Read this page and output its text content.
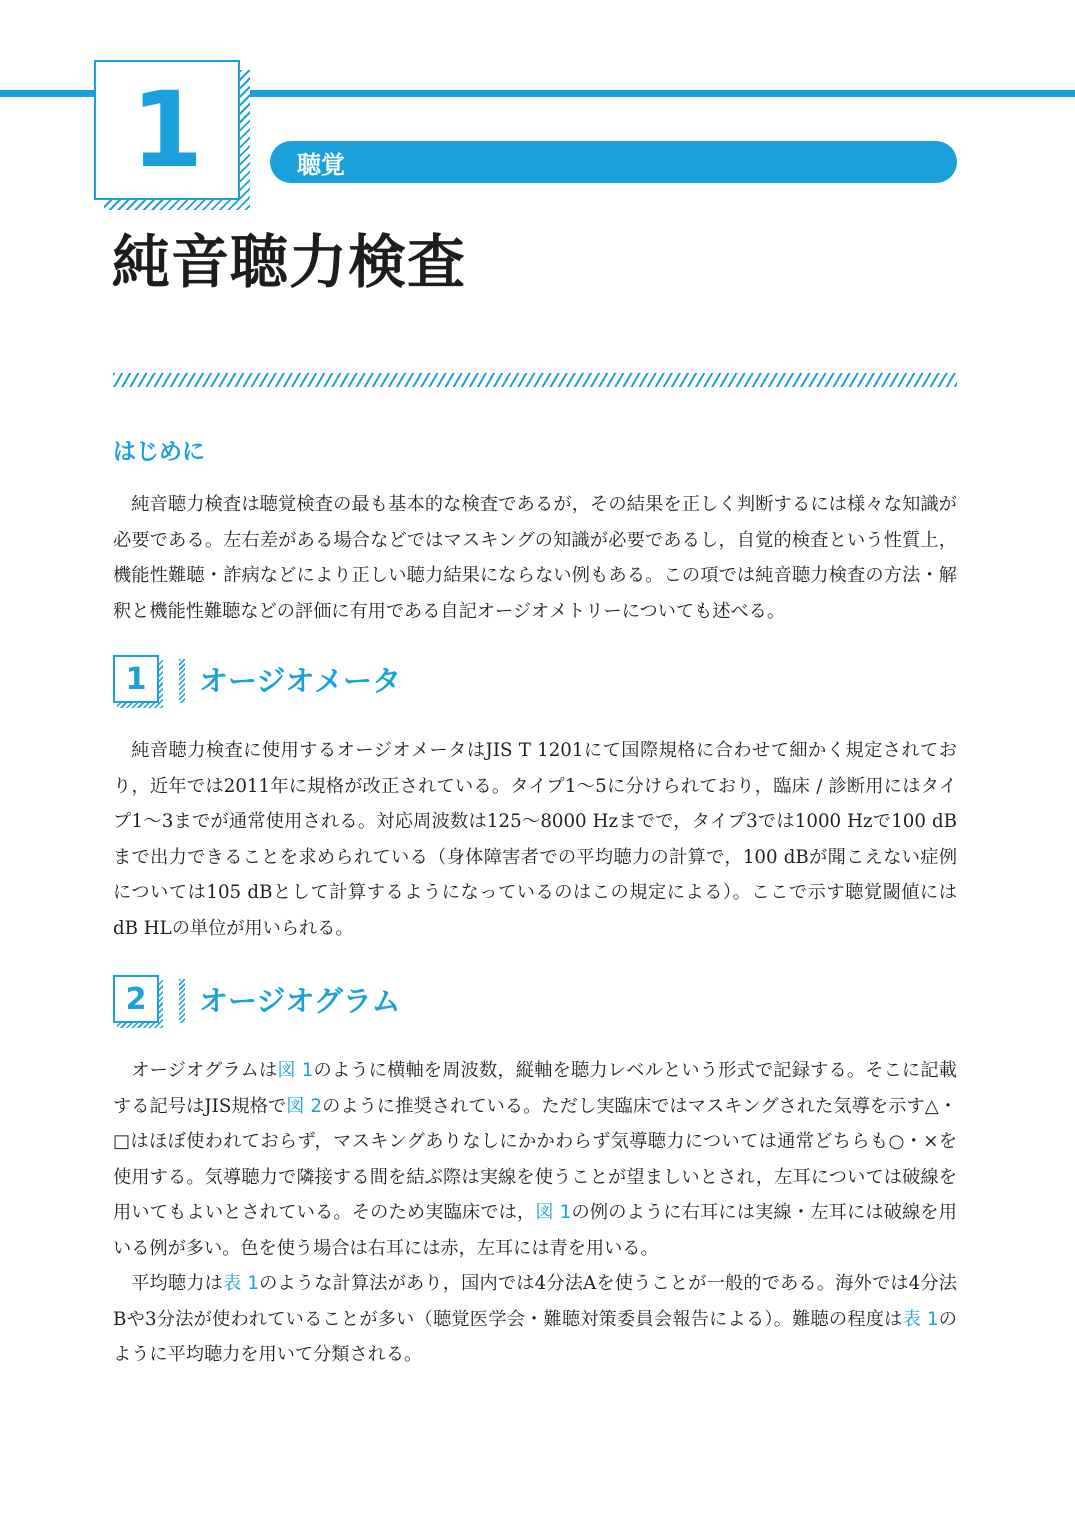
1	聴覚
純音聴力検査
はじめに

純音聴力検査は聴覚検査の最も基本的な検査であるが，その結果を正しく判断するには様々な知識が必要である。左右差がある場合などではマスキングの知識が必要であるし，自覚的検査という性質上，機能性難聴・詐病などにより正しい聴力結果にならない例もある。この項では純音聴力検査の方法・解釈と機能性難聴などの評価に有用である自記オージオメトリーについても述べる。

1	オージオメータ

純音聴力検査に使用するオージオメータはJIS T 1201にて国際規格に合わせて細かく規定されており，近年では2011年に規格が改正されている。タイプ1〜5に分けられており，臨床 / 診断用にはタイプ1〜3までが通常使用される。対応周波数は125〜8000 Hzまでで，タイプ3では1000 Hzで100 dBまで出力できることを求められている（身体障害者での平均聴力の計算で，100 dBが聞こえない症例については105 dBとして計算するようになっているのはこの規定による）。ここで示す聴覚閾値にはdB HLの単位が用いられる。

2	オージオグラム

オージオグラムは図 1のように横軸を周波数，縦軸を聴力レベルという形式で記録する。そこに記載する記号はJIS規格で図 2のように推奨されている。ただし実臨床ではマスキングされた気導を示す△・□はほぼ使われておらず，マスキングありなしにかかわらず気導聴力については通常どちらも○・×を使用する。気導聴力で隣接する間を結ぶ際は実線を使うことが望ましいとされ，左耳については破線を用いてもよいとされている。そのため実臨床では，図 1の例のように右耳には実線・左耳には破線を用いる例が多い。色を使う場合は右耳には赤，左耳には青を用いる。

平均聴力は表 1のような計算法があり，国内では4分法Aを使うことが一般的である。海外では4分法Bや3分法が使われていることが多い（聴覚医学会・難聴対策委員会報告による）。難聴の程度は表 1のように平均聴力を用いて分類される。
